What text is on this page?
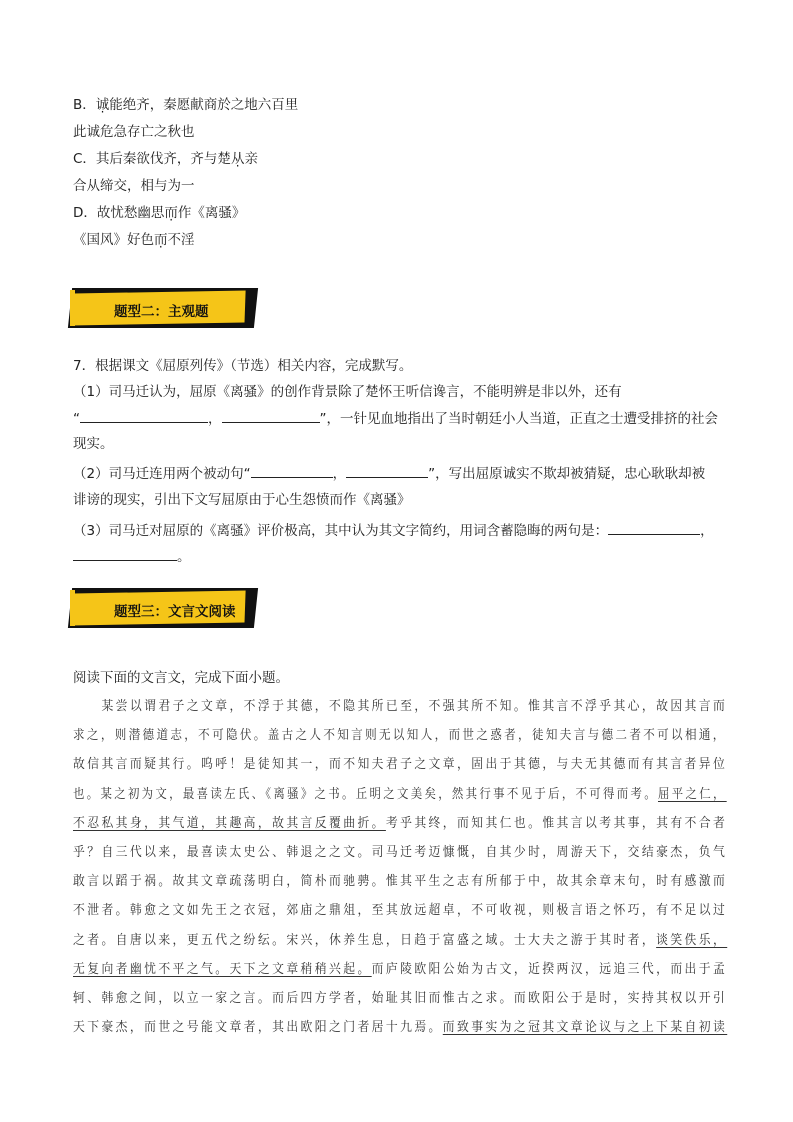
B．诚能绝齐，秦愿献商於之地六百里
此诚危急存亡之秋也
C．其后秦欲伐齐，齐与楚从亲
合从缔交，相与为一
D．故忧愁幽思而作《离骚》
《国风》好色而不淫
题型二：主观题
7．根据课文《屈原列传》（节选）相关内容，完成默写。
（1）司马迁认为，屈原《离骚》的创作背景除了楚怀王听信谗言，不能明辨是非以外，还有
“	，	”，一针见血地指出了当时朝廷小人当道，正直之士遭受排挤的社会
现实。
（2）司马迁连用两个被动句“	，	”，写出屈原诚实不欺却被猜疑，忠心耿耿却被
诽谤的现实，引出下文写屈原由于心生怨愤而作《离骚》
（3）司马迁对屈原的《离骚》评价极高，其中认为其文字简约，用词含蓄隐晦的两句是：	，
。
题型三：文言文阅读
阅读下面的文言文，完成下面小题。
　　某尝以谓君子之文章，不浮于其德，不隐其所已至，不强其所不知。惟其言不浮乎其心，故因其言而
求之，则潜德道志，不可隐伏。盖古之人不知言则无以知人，而世之惑者，徒知夫言与德二者不可以相通，
故信其言而疑其行。呜呼！是徒知其一，而不知夫君子之文章，固出于其德，与夫无其德而有其言者异位
也。某之初为文，最喜读左氏、《离骚》之书。丘明之文美矣，然其行事不见于后，不可得而考。屈平之仁，
不忍私其身，其气道，其趣高，故其言反覆曲折。考乎其终，而知其仁也。惟其言以考其事，其有不合者
乎？自三代以来，最喜读太史公、韩退之之文。司马迁考迈慷慨，自其少时，周游天下，交结豪杰，负气
敢言以蹈于祸。故其文章疏荡明白，简朴而驰骋。惟其平生之志有所郁于中，故其余章末句，时有感激而
不泄者。韩愈之文如先王之衣冠，郊庙之鼎俎，至其放远超卓，不可收视，则极言语之怀巧，有不足以过
之者。自唐以来，更五代之纷纭。宋兴，休养生息，日趋于富盛之域。士大夫之游于其时者，谈笑佚乐，
无复向者幽忧不平之气。天下之文章稍稍兴起。而庐陵欧阳公始为古文，近揆两汉，远追三代，而出于孟
轲、韩愈之间，以立一家之言。而后四方学者，始耻其旧而惟古之求。而欧阳公于是时，实持其权以开引
天下豪杰，而世之号能文章者，其出欧阳之门者居十九焉。而致事实为之冠其文章论议与之上下某自初读
